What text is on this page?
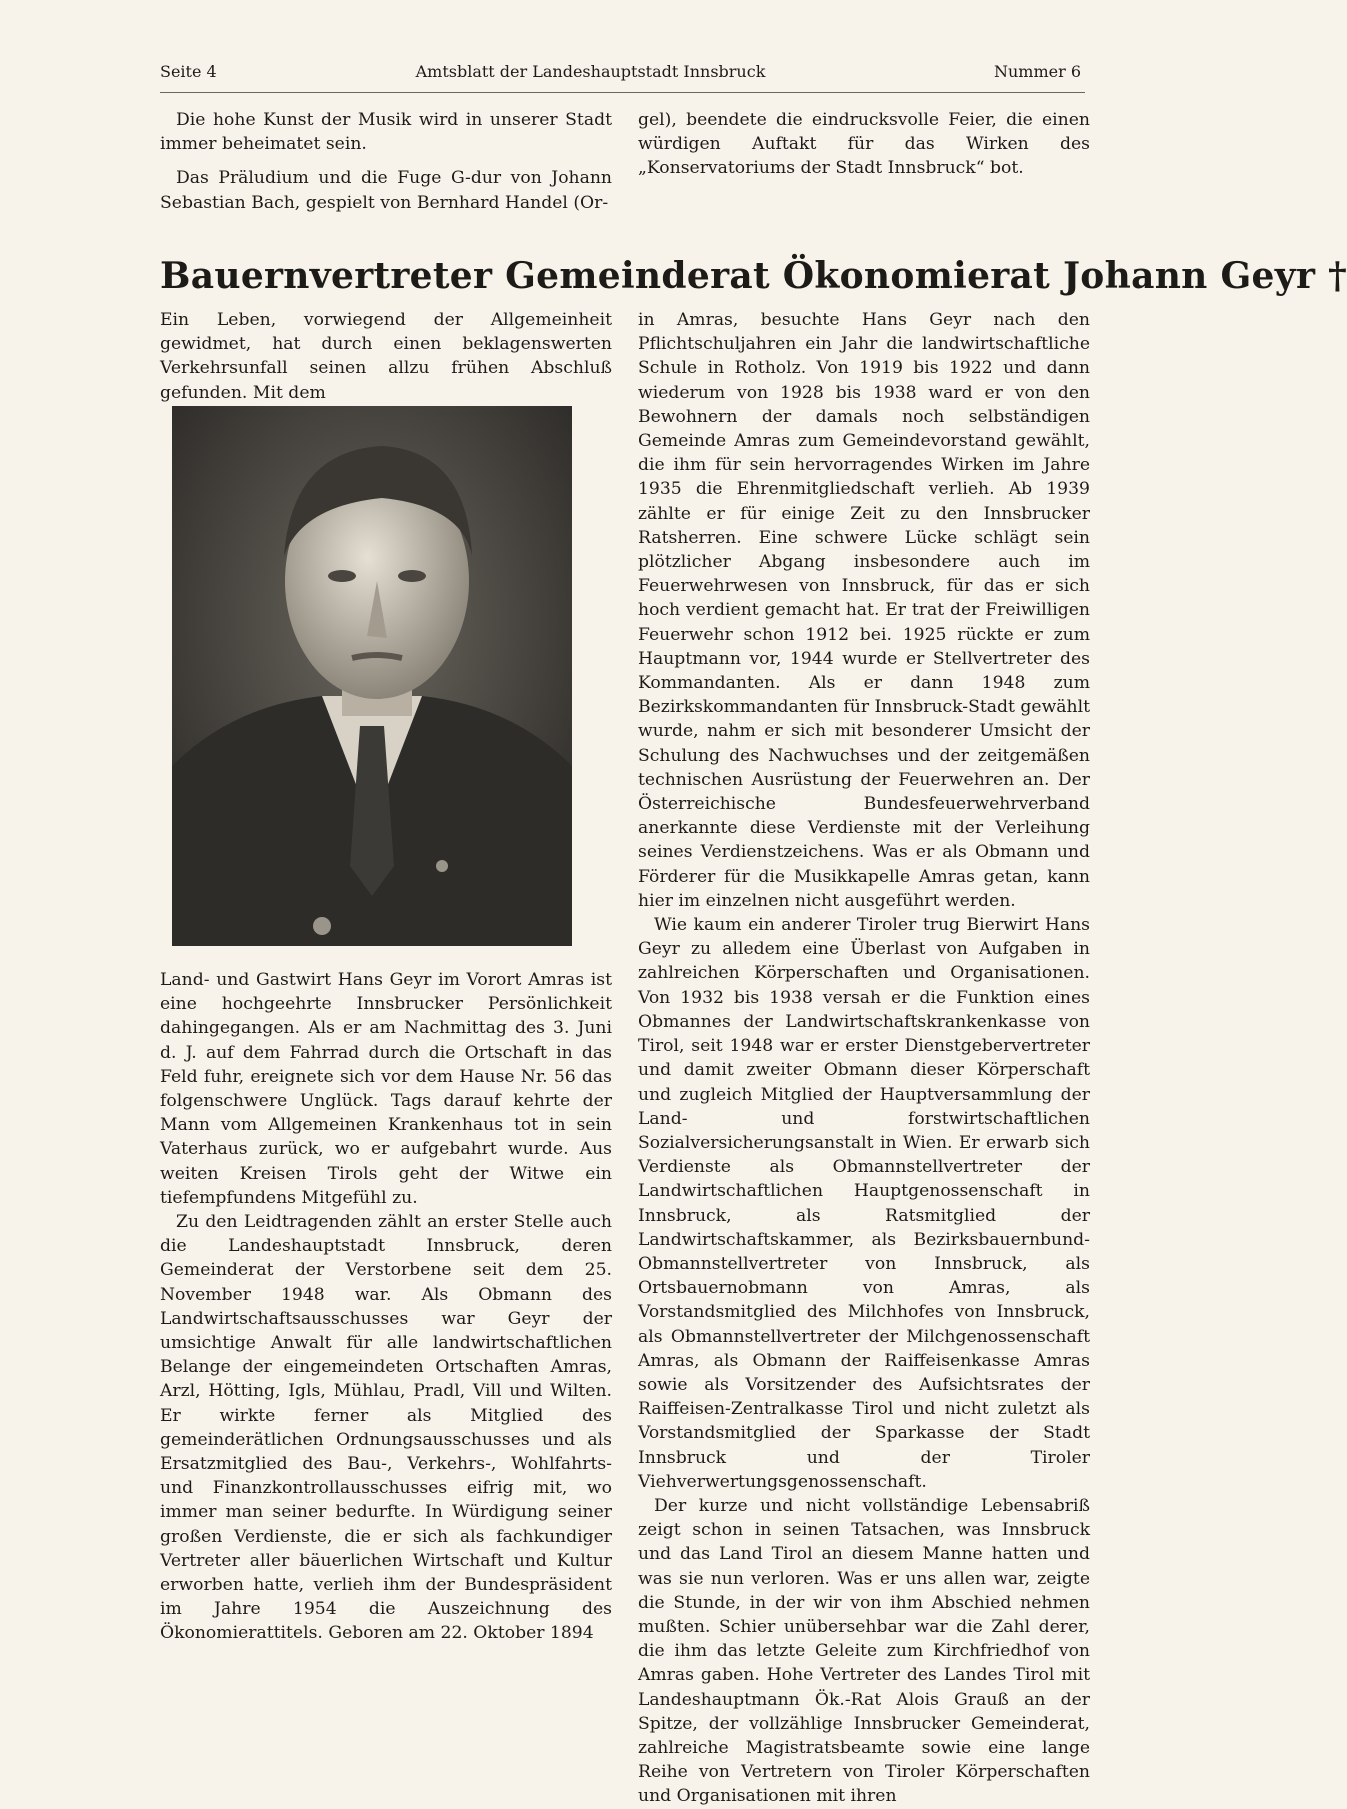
Seite 4	Amtsblatt der Landeshauptstadt Innsbruck	Nummer 6

Die hohe Kunst der Musik wird in unserer Stadt immer beheimatet sein.

Das Präludium und die Fuge G-dur von Johann Sebastian Bach, gespielt von Bernhard Handel (Or-

gel), beendete die eindrucksvolle Feier, die einen würdigen Auftakt für das Wirken des „Konservatoriums der Stadt Innsbruck“ bot.

Bauernvertreter Gemeinderat Ökonomierat Johann Geyr †

Ein Leben, vorwiegend der Allgemeinheit gewidmet, hat durch einen beklagenswerten Verkehrsunfall seinen allzu frühen Abschluß gefunden. Mit dem

Land- und Gastwirt Hans Geyr im Vorort Amras ist eine hochgeehrte Innsbrucker Persönlichkeit dahingegangen. Als er am Nachmittag des 3. Juni d. J. auf dem Fahrrad durch die Ortschaft in das Feld fuhr, ereignete sich vor dem Hause Nr. 56 das folgenschwere Unglück. Tags darauf kehrte der Mann vom Allgemeinen Krankenhaus tot in sein Vaterhaus zurück, wo er aufgebahrt wurde. Aus weiten Kreisen Tirols geht der Witwe ein tiefempfundens Mitgefühl zu.

Zu den Leidtragenden zählt an erster Stelle auch die Landeshauptstadt Innsbruck, deren Gemeinderat der Verstorbene seit dem 25. November 1948 war. Als Obmann des Landwirtschaftsausschusses war Geyr der umsichtige Anwalt für alle landwirtschaftlichen Belange der eingemeindeten Ortschaften Amras, Arzl, Hötting, Igls, Mühlau, Pradl, Vill und Wilten. Er wirkte ferner als Mitglied des gemeinderätlichen Ordnungsausschusses und als Ersatzmitglied des Bau-, Verkehrs-, Wohlfahrts- und Finanzkontrollausschusses eifrig mit, wo immer man seiner bedurfte. In Würdigung seiner großen Verdienste, die er sich als fachkundiger Vertreter aller bäuerlichen Wirtschaft und Kultur erworben hatte, verlieh ihm der Bundespräsident im Jahre 1954 die Auszeichnung des Ökonomierattitels. Geboren am 22. Oktober 1894

in Amras, besuchte Hans Geyr nach den Pflichtschuljahren ein Jahr die landwirtschaftliche Schule in Rotholz. Von 1919 bis 1922 und dann wiederum von 1928 bis 1938 ward er von den Bewohnern der damals noch selbständigen Gemeinde Amras zum Gemeindevorstand gewählt, die ihm für sein hervorragendes Wirken im Jahre 1935 die Ehrenmitgliedschaft verlieh. Ab 1939 zählte er für einige Zeit zu den Innsbrucker Ratsherren. Eine schwere Lücke schlägt sein plötzlicher Abgang insbesondere auch im Feuerwehrwesen von Innsbruck, für das er sich hoch verdient gemacht hat. Er trat der Freiwilligen Feuerwehr schon 1912 bei. 1925 rückte er zum Hauptmann vor, 1944 wurde er Stellvertreter des Kommandanten. Als er dann 1948 zum Bezirkskommandanten für Innsbruck-Stadt gewählt wurde, nahm er sich mit besonderer Umsicht der Schulung des Nachwuchses und der zeitgemäßen technischen Ausrüstung der Feuerwehren an. Der Österreichische Bundesfeuerwehrverband anerkannte diese Verdienste mit der Verleihung seines Verdienstzeichens. Was er als Obmann und Förderer für die Musikkapelle Amras getan, kann hier im einzelnen nicht ausgeführt werden.

Wie kaum ein anderer Tiroler trug Bierwirt Hans Geyr zu alledem eine Überlast von Aufgaben in zahlreichen Körperschaften und Organisationen. Von 1932 bis 1938 versah er die Funktion eines Obmannes der Landwirtschaftskrankenkasse von Tirol, seit 1948 war er erster Dienstgebervertreter und damit zweiter Obmann dieser Körperschaft und zugleich Mitglied der Hauptversammlung der Land- und forstwirtschaftlichen Sozialversicherungsanstalt in Wien. Er erwarb sich Verdienste als Obmannstellvertreter der Landwirtschaftlichen Hauptgenossenschaft in Innsbruck, als Ratsmitglied der Landwirtschaftskammer, als Bezirksbauernbund-Obmannstellvertreter von Innsbruck, als Ortsbauernobmann von Amras, als Vorstandsmitglied des Milchhofes von Innsbruck, als Obmannstellvertreter der Milchgenossenschaft Amras, als Obmann der Raiffeisenkasse Amras sowie als Vorsitzender des Aufsichtsrates der Raiffeisen-Zentralkasse Tirol und nicht zuletzt als Vorstandsmitglied der Sparkasse der Stadt Innsbruck und der Tiroler Viehverwertungsgenossenschaft.

Der kurze und nicht vollständige Lebensabriß zeigt schon in seinen Tatsachen, was Innsbruck und das Land Tirol an diesem Manne hatten und was sie nun verloren. Was er uns allen war, zeigte die Stunde, in der wir von ihm Abschied nehmen mußten. Schier unübersehbar war die Zahl derer, die ihm das letzte Geleite zum Kirchfriedhof von Amras gaben. Hohe Vertreter des Landes Tirol mit Landeshauptmann Ök.-Rat Alois Grauß an der Spitze, der vollzählige Innsbrucker Gemeinderat, zahlreiche Magistratsbeamte sowie eine lange Reihe von Vertretern von Tiroler Körperschaften und Organisationen mit ihren
